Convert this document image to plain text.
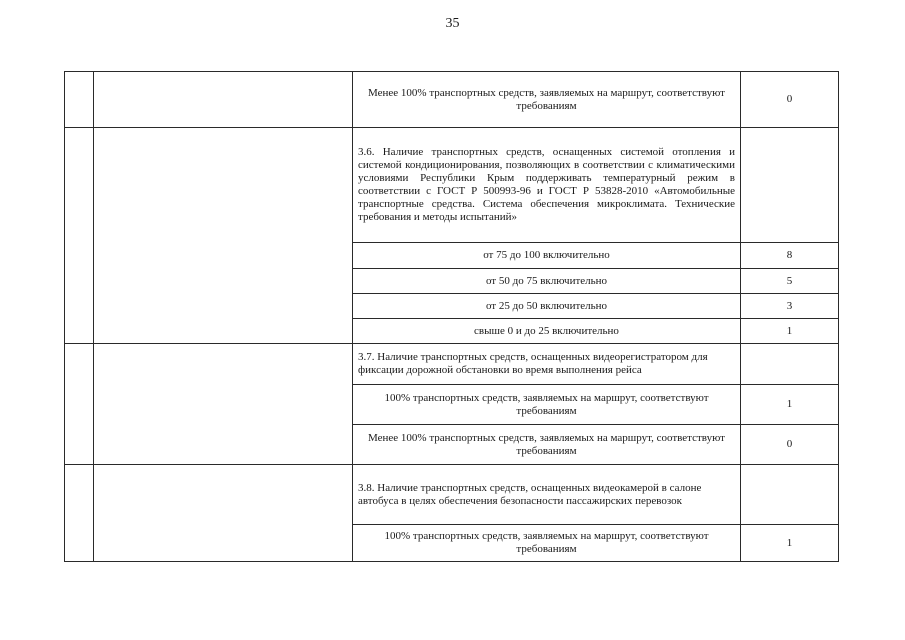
35
		Менее 100% транспортных средств, заявляемых на маршрут, соответствуют требованиям	0
		3.6. Наличие транспортных средств, оснащенных системой отопления и системой кондиционирования, позволяющих в соответствии с климатическими условиями Республики Крым поддерживать температурный режим в соответствии с ГОСТ Р 500993-96 и ГОСТ Р 53828-2010 «Автомобильные транспортные средства. Система обеспечения микроклимата. Технические требования и методы испытаний»	
		от 75 до 100 включительно	8
		от 50 до 75 включительно	5
		от 25 до 50 включительно	3
		свыше 0 и до 25 включительно	1
		3.7. Наличие транспортных средств, оснащенных видеорегистратором для фиксации дорожной обстановки во время выполнения рейса	
		100% транспортных средств, заявляемых на маршрут, соответствуют требованиям	1
		Менее 100% транспортных средств, заявляемых на маршрут, соответствуют требованиям	0
		3.8. Наличие транспортных средств, оснащенных видеокамерой в салоне автобуса в целях обеспечения безопасности пассажирских перевозок	
		100% транспортных средств, заявляемых на маршрут, соответствуют требованиям	1
